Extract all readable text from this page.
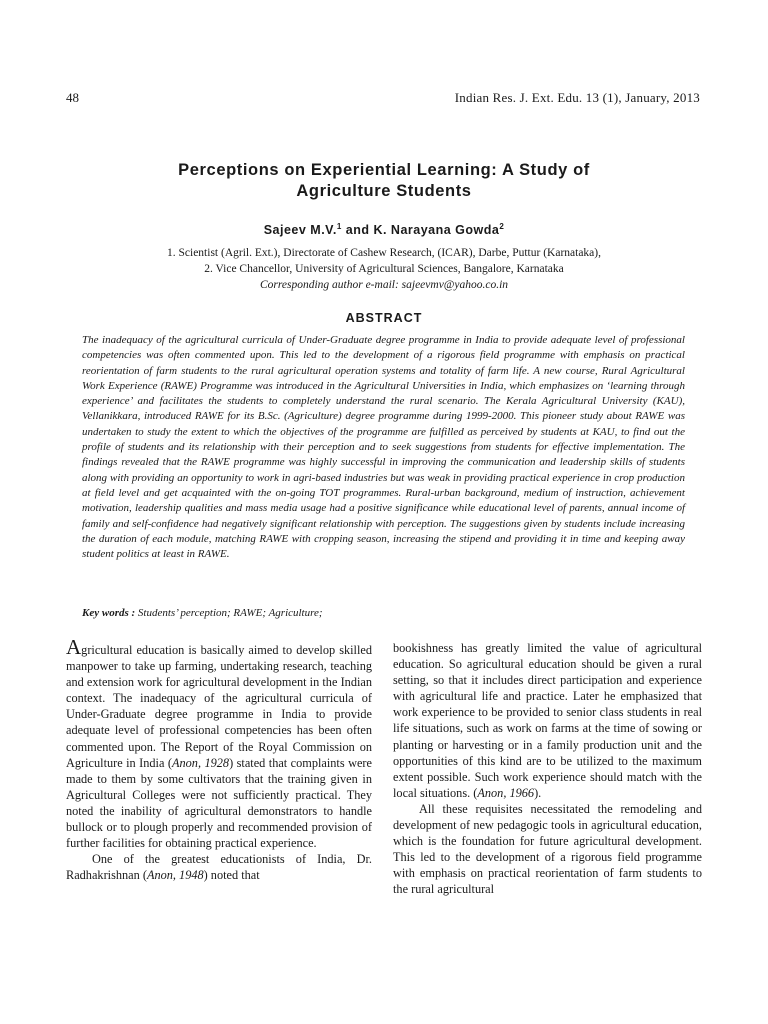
48	Indian Res. J. Ext. Edu. 13 (1), January, 2013
Perceptions on Experiential Learning: A Study of
Agriculture Students
Sajeev M.V.$^1$ and K. Narayana Gowda$^2$
1. Scientist (Agril. Ext.), Directorate of Cashew Research, (ICAR), Darbe, Puttur (Karnataka),
2. Vice Chancellor, University of Agricultural Sciences, Bangalore, Karnataka
Corresponding author e-mail: sajeevmv@yahoo.co.in
ABSTRACT

The inadequacy of the agricultural curricula of Under-Graduate degree programme in India to provide adequate level of professional competencies was often commented upon. This led to the development of a rigorous field programme with emphasis on practical reorientation of farm students to the rural agricultural operation systems and totality of farm life. A new course, Rural Agricultural Work Experience (RAWE) Programme was introduced in the Agricultural Universities in India, which emphasizes on ‘learning through experience’ and facilitates the students to completely understand the rural scenario. The Kerala Agricultural University (KAU), Vellanikkara, introduced RAWE for its B.Sc. (Agriculture) degree programme during 1999-2000. This pioneer study about RAWE was undertaken to study the extent to which the objectives of the programme are fulfilled as perceived by students at KAU, to find out the profile of students and its relationship with their perception and to seek suggestions from students for effective implementation. The findings revealed that the RAWE programme was highly successful in improving the communication and leadership skills of students along with providing an opportunity to work in agri-based industries but was weak in providing practical experience in crop production at field level and get acquainted with the on-going TOT programmes. Rural-urban background, medium of instruction, achievement motivation, leadership qualities and mass media usage had a positive significance while educational level of parents, annual income of family and self-confidence had negatively significant relationship with perception. The suggestions given by students include increasing the duration of each module, matching RAWE with cropping season, increasing the stipend and providing it in time and keeping away student politics at least in RAWE.

Key words : Students’ perception; RAWE; Agriculture;

Agricultural education is basically aimed to develop skilled manpower to take up farming, undertaking research, teaching and extension work for agricultural development in the Indian context. The inadequacy of the agricultural curricula of Under-Graduate degree programme in India to provide adequate level of professional competencies has been often commented upon. The Report of the Royal Commission on Agriculture in India (Anon, 1928) stated that complaints were made to them by some cultivators that the training given in Agricultural Colleges were not sufficiently practical. They noted the inability of agricultural demonstrators to handle bullock or to plough properly and recommended provision of further facilities for obtaining practical experience.

One of the greatest educationists of India, Dr. Radhakrishnan (Anon, 1948) noted that

bookishness has greatly limited the value of agricultural education. So agricultural education should be given a rural setting, so that it includes direct participation and experience with agricultural life and practice. Later he emphasized that work experience to be provided to senior class students in real life situations, such as work on farms at the time of sowing or planting or harvesting or in a family production unit and the opportunities of this kind are to be utilized to the maximum extent possible. Such work experience should match with the local situations. (Anon, 1966).

All these requisites necessitated the remodeling and development of new pedagogic tools in agricultural education, which is the foundation for future agricultural development. This led to the development of a rigorous field programme with emphasis on practical reorientation of farm students to the rural agricultural
